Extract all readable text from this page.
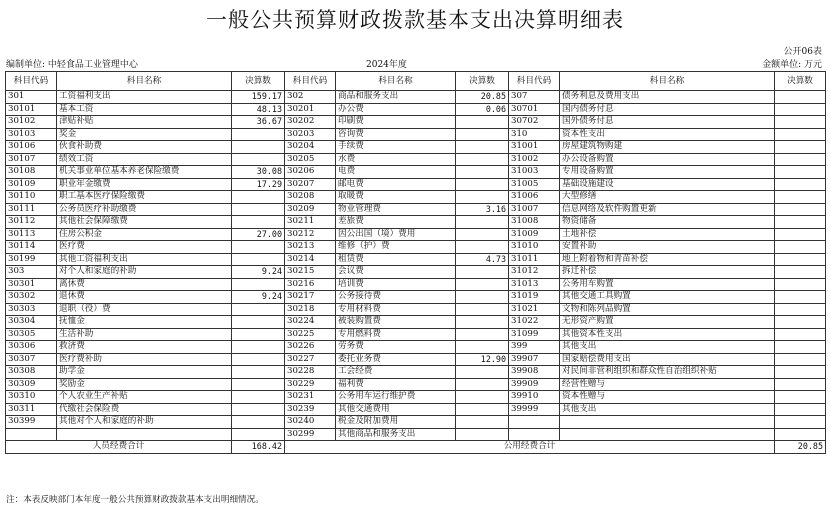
一般公共预算财政拨款基本支出决算明细表
公开06表
编制单位: 中轻食品工业管理中心	2024年度	金额单位: 万元
科目代码	科目名称	决算数	科目代码	科目名称	决算数	科目代码	科目名称	决算数
301	工资福利支出	159.17	302	商品和服务支出	20.85	307	债务利息及费用支出	
30101	基本工资	48.13	30201	办公费	0.06	30701	国内债务付息	
30102	津贴补贴	36.67	30202	印刷费		30702	国外债务付息	
30103	奖金		30203	咨询费		310	资本性支出	
30106	伙食补助费		30204	手续费		31001	房屋建筑物购建	
30107	绩效工资		30205	水费		31002	办公设备购置	
30108	机关事业单位基本养老保险缴费	30.08	30206	电费		31003	专用设备购置	
30109	职业年金缴费	17.29	30207	邮电费		31005	基础设施建设	
30110	职工基本医疗保险缴费		30208	取暖费		31006	大型修缮	
30111	公务员医疗补助缴费		30209	物业管理费	3.16	31007	信息网络及软件购置更新	
30112	其他社会保障缴费		30211	差旅费		31008	物资储备	
30113	住房公积金	27.00	30212	因公出国（境）费用		31009	土地补偿	
30114	医疗费		30213	维修（护）费		31010	安置补助	
30199	其他工资福利支出		30214	租赁费	4.73	31011	地上附着物和青苗补偿	
303	对个人和家庭的补助	9.24	30215	会议费		31012	拆迁补偿	
30301	离休费		30216	培训费		31013	公务用车购置	
30302	退休费	9.24	30217	公务接待费		31019	其他交通工具购置	
30303	退职（役）费		30218	专用材料费		31021	文物和陈列品购置	
30304	抚恤金		30224	被装购置费		31022	无形资产购置	
30305	生活补助		30225	专用燃料费		31099	其他资本性支出	
30306	救济费		30226	劳务费		399	其他支出	
30307	医疗费补助		30227	委托业务费	12.90	39907	国家赔偿费用支出	
30308	助学金		30228	工会经费		39908	对民间非营利组织和群众性自治组织补贴	
30309	奖励金		30229	福利费		39909	经营性赠与	
30310	个人农业生产补贴		30231	公务用车运行维护费		39910	资本性赠与	
30311	代缴社会保险费		30239	其他交通费用		39999	其他支出	
30399	其他对个人和家庭的补助		30240	税金及附加费用				
			30299	其他商品和服务支出				
人员经费合计		168.42	公用经费合计					20.85
注：本表反映部门本年度一般公共预算财政拨款基本支出明细情况。
